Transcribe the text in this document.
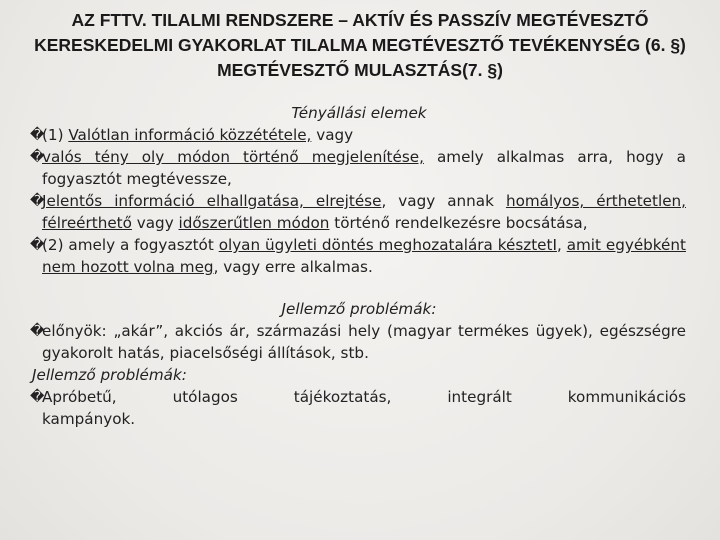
AZ FTTV. TILALMI RENDSZERE – AKTÍV ÉS PASSZÍV MEGTÉVESZTŐ KERESKEDELMI GYAKORLAT TILALMA MEGTÉVESZTŐ TEVÉKENYSÉG (6. §) MEGTÉVESZTŐ MULASZTÁS(7. §)
Tényállási elemek
�
(1) Valótlan információ közzététele, vagy
�
valós tény oly módon történő megjelenítése, amely alkalmas arra, hogy a fogyasztót megtévessze,
�
Jelentős információ elhallgatása, elrejtése, vagy annak homályos, érthetetlen, félreérthető vagy időszerűtlen módon történő rendelkezésre bocsátása,
�
(2) amely a fogyasztót olyan ügyleti döntés meghozatalára késztetI, amit egyébként nem hozott volna meg, vagy erre alkalmas.
Jellemző problémák:
�
előnyök: „akár”, akciós ár, származási hely (magyar termékes ügyek), egészségre gyakorolt hatás, piacelsőségi állítások, stb.
Jellemző problémák:
�
Apróbetű, utólagos tájékoztatás, integrált kommunikációs kampányok.
